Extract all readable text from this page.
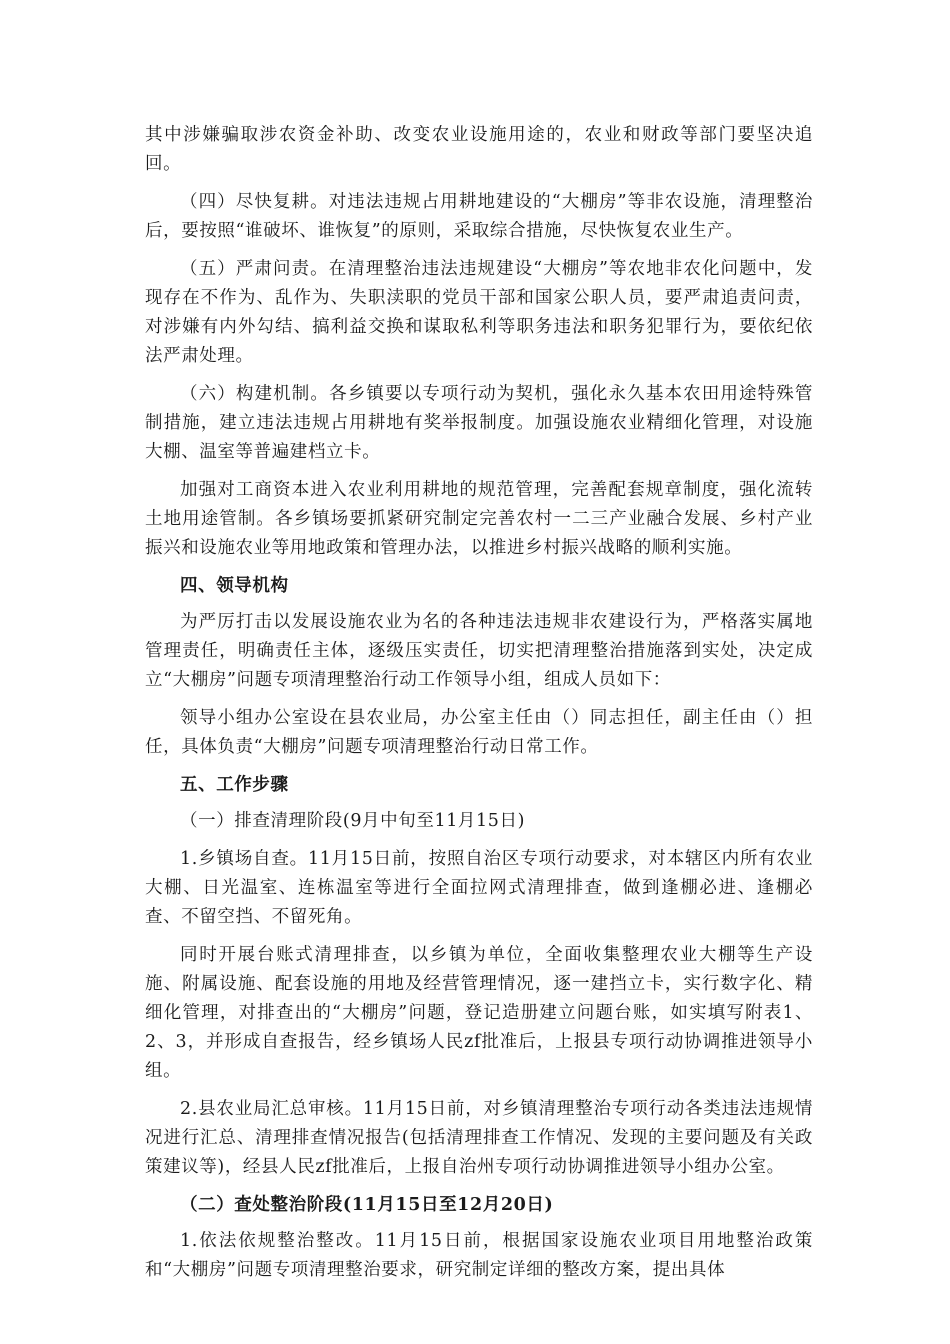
其中涉嫌骗取涉农资金补助、改变农业设施用途的，农业和财政等部门要坚决追回。

（四）尽快复耕。对违法违规占用耕地建设的“大棚房”等非农设施，清理整治后，要按照“谁破坏、谁恢复”的原则，采取综合措施，尽快恢复农业生产。

（五）严肃问责。在清理整治违法违规建设“大棚房”等农地非农化问题中，发现存在不作为、乱作为、失职渎职的党员干部和国家公职人员，要严肃追责问责，对涉嫌有内外勾结、搞利益交换和谋取私利等职务违法和职务犯罪行为，要依纪依法严肃处理。

（六）构建机制。各乡镇要以专项行动为契机，强化永久基本农田用途特殊管制措施，建立违法违规占用耕地有奖举报制度。加强设施农业精细化管理，对设施大棚、温室等普遍建档立卡。

加强对工商资本进入农业利用耕地的规范管理，完善配套规章制度，强化流转土地用途管制。各乡镇场要抓紧研究制定完善农村一二三产业融合发展、乡村产业振兴和设施农业等用地政策和管理办法，以推进乡村振兴战略的顺利实施。

四、领导机构

为严厉打击以发展设施农业为名的各种违法违规非农建设行为，严格落实属地管理责任，明确责任主体，逐级压实责任，切实把清理整治措施落到实处，决定成立“大棚房”问题专项清理整治行动工作领导小组，组成人员如下：

领导小组办公室设在县农业局，办公室主任由（）同志担任，副主任由（）担任，具体负责“大棚房”问题专项清理整治行动日常工作。

五、工作步骤

（一）排查清理阶段(9月中旬至11月15日)

1.乡镇场自查。11月15日前，按照自治区专项行动要求，对本辖区内所有农业大棚、日光温室、连栋温室等进行全面拉网式清理排查，做到逢棚必进、逢棚必查、不留空挡、不留死角。

同时开展台账式清理排查，以乡镇为单位，全面收集整理农业大棚等生产设施、附属设施、配套设施的用地及经营管理情况，逐一建挡立卡，实行数字化、精细化管理，对排查出的“大棚房”问题，登记造册建立问题台账，如实填写附表1、2、3，并形成自查报告，经乡镇场人民zf批准后，上报县专项行动协调推进领导小组。

2.县农业局汇总审核。11月15日前，对乡镇清理整治专项行动各类违法违规情况进行汇总、清理排查情况报告(包括清理排查工作情况、发现的主要问题及有关政策建议等)，经县人民zf批准后，上报自治州专项行动协调推进领导小组办公室。

（二）查处整治阶段(11月15日至12月20日)

1.依法依规整治整改。11月15日前，根据国家设施农业项目用地整治政策和“大棚房”问题专项清理整治要求，研究制定详细的整改方案，提出具体
